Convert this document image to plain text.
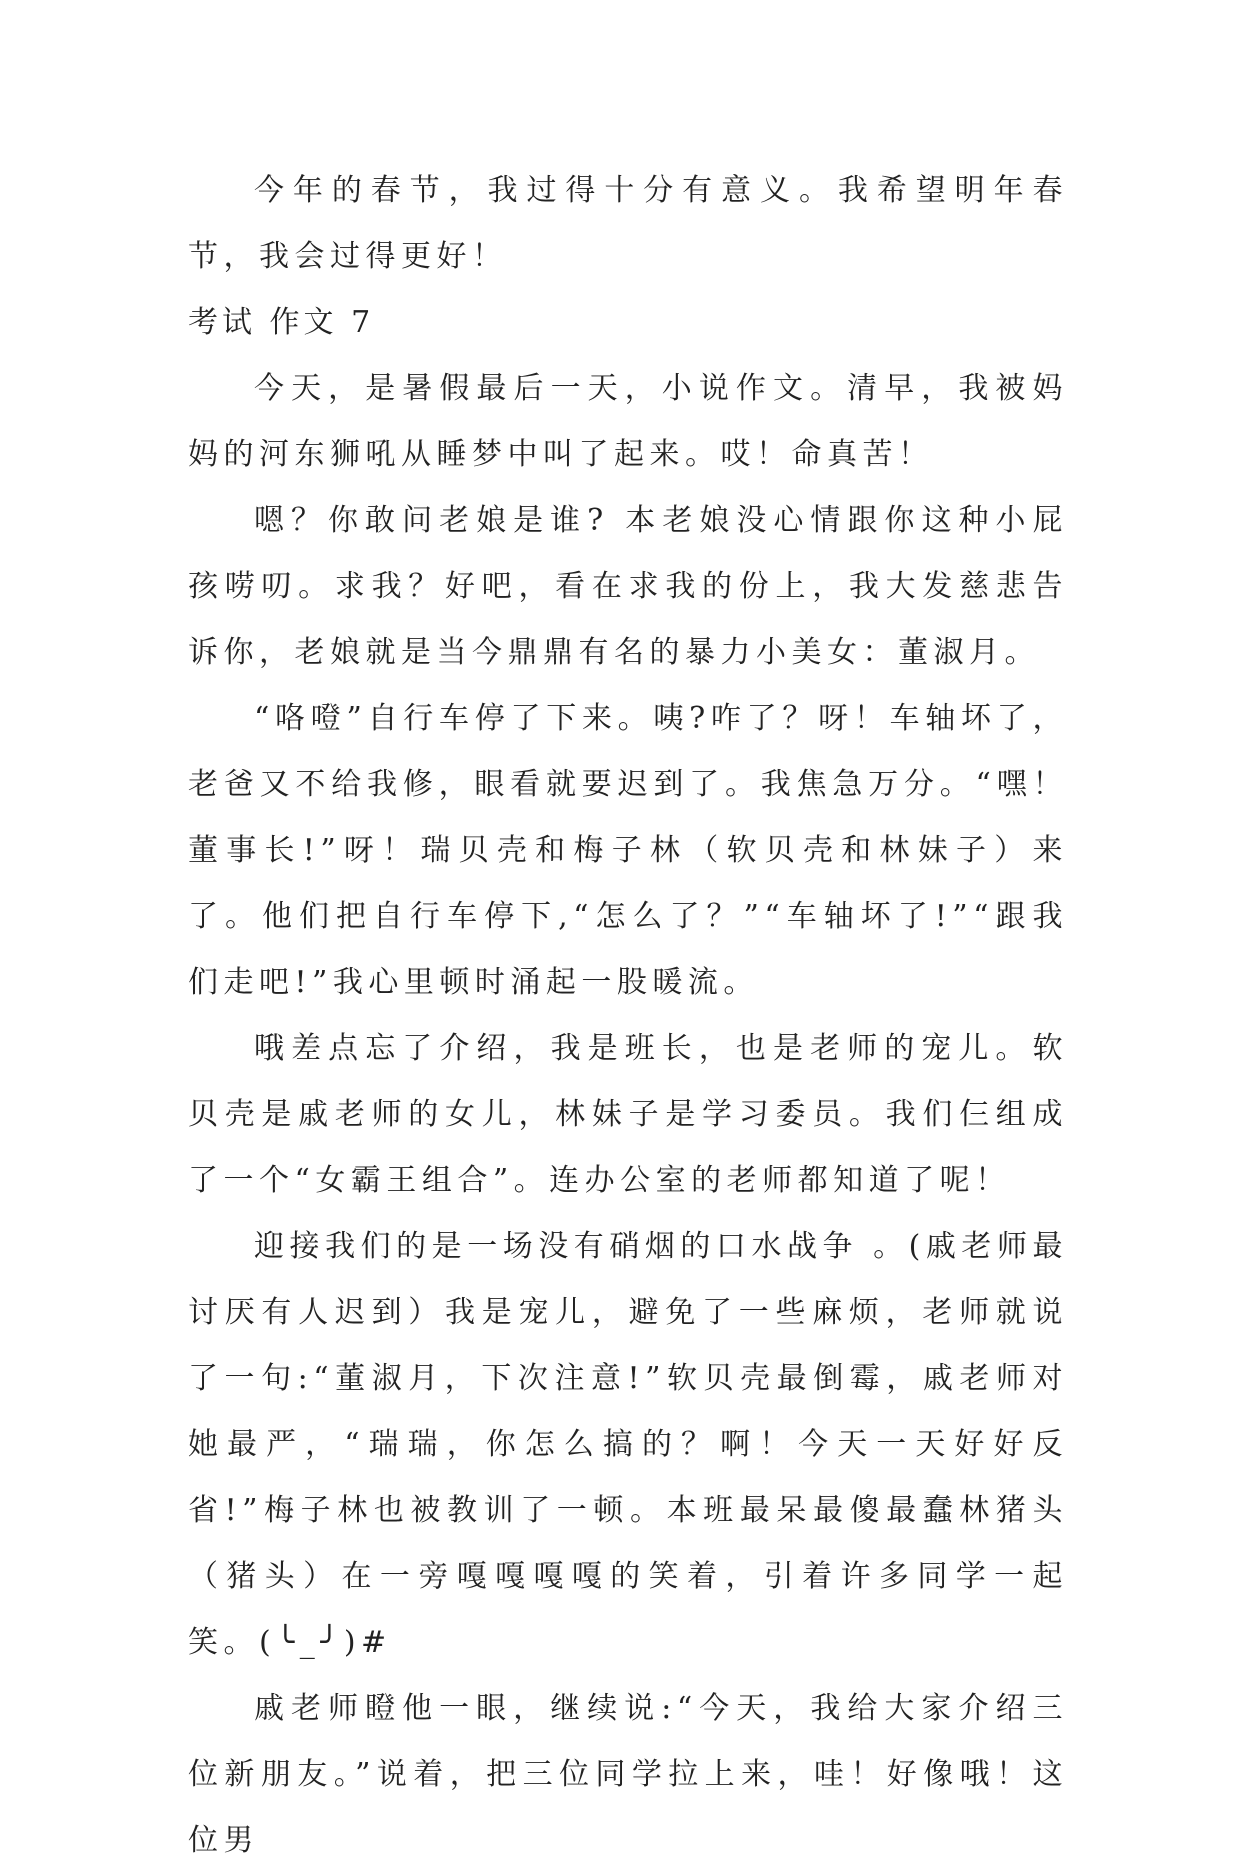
今年的春节，我过得十分有意义。我希望明年春节，我会过得更好！

考试 作文 7

今天，是暑假最后一天，小说作文。清早，我被妈妈的河东狮吼从睡梦中叫了起来。哎！命真苦！

嗯？你敢问老娘是谁? 本老娘没心情跟你这种小屁孩唠叨。求我？好吧，看在求我的份上，我大发慈悲告诉你，老娘就是当今鼎鼎有名的暴力小美女：董淑月。

“咯噔”自行车停了下来。咦?咋了？呀！车轴坏了，老爸又不给我修，眼看就要迟到了。我焦急万分。“嘿！董事长!”呀！瑞贝壳和梅子林（软贝壳和林妹子）来了。他们把自行车停下,“怎么了？”“车轴坏了!”“跟我们走吧!”我心里顿时涌起一股暖流。

哦差点忘了介绍，我是班长，也是老师的宠儿。软贝壳是戚老师的女儿，林妹子是学习委员。我们仨组成了一个“女霸王组合”。连办公室的老师都知道了呢！

迎接我们的是一场没有硝烟的口水战争 。(戚老师最讨厌有人迟到）我是宠儿，避免了一些麻烦，老师就说了一句:“董淑月，下次注意!”软贝壳最倒霉，戚老师对她最严，“瑞瑞，你怎么搞的？啊！今天一天好好反省!”梅子林也被教训了一顿。本班最呆最傻最蠢林猪头（猪头）在一旁嘎嘎嘎嘎的笑着，引着许多同学一起笑。(╰_╯)#

戚老师瞪他一眼，继续说:“今天，我给大家介绍三位新朋友。”说着，把三位同学拉上来，哇！好像哦！这位男
